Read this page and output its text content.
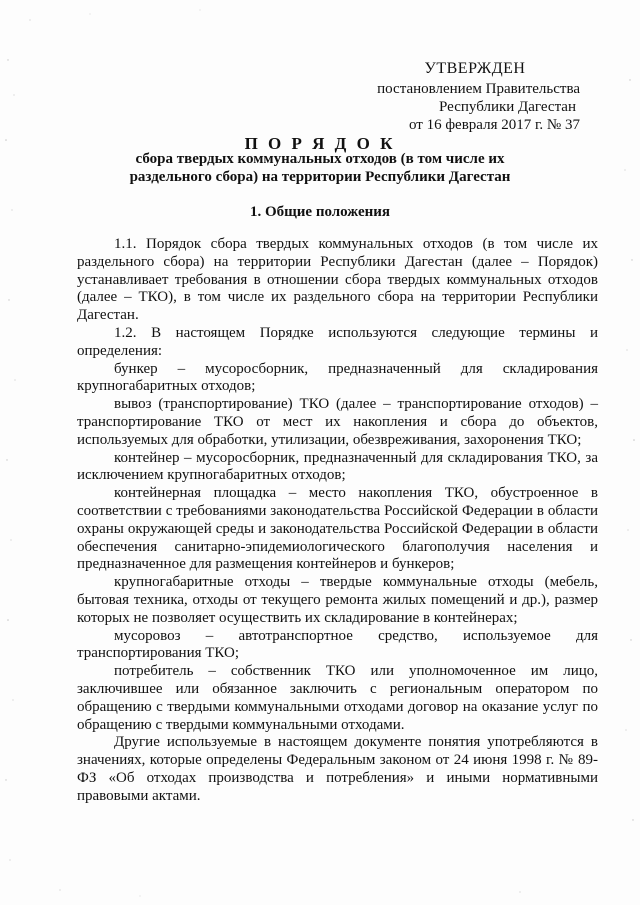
УТВЕРЖДЕН
постановлением Правительства
Республики Дагестан
от 16 февраля 2017 г. № 37
П О Р Я Д О К
сбора твердых коммунальных отходов (в том числе их раздельного сбора) на территории Республики Дагестан
1. Общие положения

1.1. Порядок сбора твердых коммунальных отходов (в том числе их раздельного сбора) на территории Республики Дагестан (далее – Порядок) устанавливает требования в отношении сбора твердых коммунальных отходов (далее – ТКО), в том числе их раздельного сбора на территории Республики Дагестан.

1.2. В настоящем Порядке используются следующие термины и определения:

бункер – мусоросборник, предназначенный для складирования крупногабаритных отходов;

вывоз (транспортирование) ТКО (далее – транспортирование отходов) – транспортирование ТКО от мест их накопления и сбора до объектов, используемых для обработки, утилизации, обезвреживания, захоронения ТКО;

контейнер – мусоросборник, предназначенный для складирования ТКО, за исключением крупногабаритных отходов;

контейнерная площадка – место накопления ТКО, обустроенное в соответствии с требованиями законодательства Российской Федерации в области охраны окружающей среды и законодательства Российской Федерации в области обеспечения санитарно-эпидемиологического благополучия населения и предназначенное для размещения контейнеров и бункеров;

крупногабаритные отходы – твердые коммунальные отходы (мебель, бытовая техника, отходы от текущего ремонта жилых помещений и др.), размер которых не позволяет осуществить их складирование в контейнерах;

мусоровоз – автотранспортное средство, используемое для транспортирования ТКО;

потребитель – собственник ТКО или уполномоченное им лицо, заключившее или обязанное заключить с региональным оператором по обращению с твердыми коммунальными отходами договор на оказание услуг по обращению с твердыми коммунальными отходами.

Другие используемые в настоящем документе понятия употребляются в значениях, которые определены Федеральным законом от 24 июня 1998 г. № 89-ФЗ «Об отходах производства и потребления» и иными нормативными правовыми актами.
